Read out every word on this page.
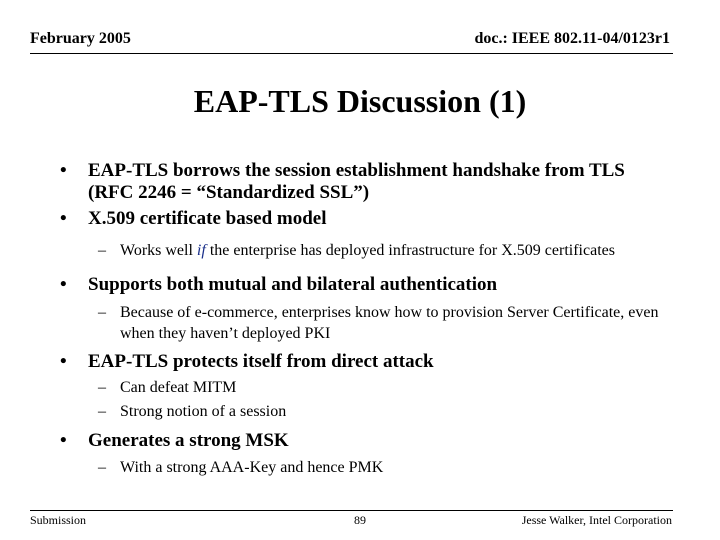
February 2005	doc.: IEEE 802.11-04/0123r1
EAP-TLS Discussion (1)
• EAP-TLS borrows the session establishment handshake from TLS (RFC 2246 = “Standardized SSL”)
• X.509 certificate based model
– Works well if the enterprise has deployed infrastructure for X.509 certificates
• Supports both mutual and bilateral authentication
– Because of e-commerce, enterprises know how to provision Server Certificate, even when they haven’t deployed PKI
• EAP-TLS protects itself from direct attack
– Can defeat MITM
– Strong notion of a session
• Generates a strong MSK
– With a strong AAA-Key and hence PMK
Submission	89	Jesse Walker, Intel Corporation
